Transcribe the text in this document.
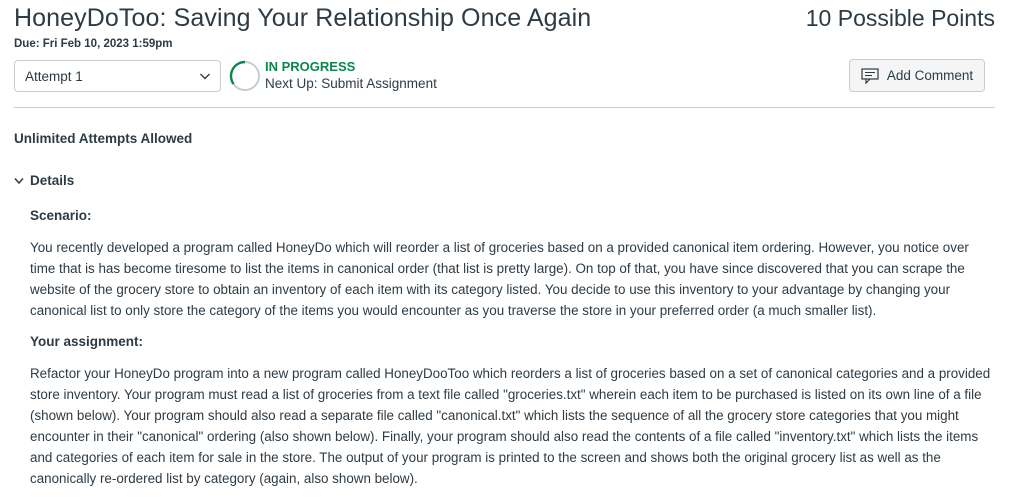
HoneyDoToo: Saving Your Relationship Once Again	10 Possible Points
Due: Fri Feb 10, 2023 1:59pm
Attempt 1
IN PROGRESS
Next Up: Submit Assignment
Add Comment
Unlimited Attempts Allowed
Details
Scenario:
You recently developed a program called HoneyDo which will reorder a list of groceries based on a provided canonical item ordering. However, you notice over time that is has become tiresome to list the items in canonical order (that list is pretty large). On top of that, you have since discovered that you can scrape the website of the grocery store to obtain an inventory of each item with its category listed. You decide to use this inventory to your advantage by changing your canonical list to only store the category of the items you would encounter as you traverse the store in your preferred order (a much smaller list).
Your assignment:
Refactor your HoneyDo program into a new program called HoneyDooToo which reorders a list of groceries based on a set of canonical categories and a provided store inventory. Your program must read a list of groceries from a text file called "groceries.txt" wherein each item to be purchased is listed on its own line of a file (shown below). Your program should also read a separate file called "canonical.txt" which lists the sequence of all the grocery store categories that you might encounter in their "canonical" ordering (also shown below). Finally, your program should also read the contents of a file called "inventory.txt" which lists the items and categories of each item for sale in the store. The output of your program is printed to the screen and shows both the original grocery list as well as the canonically re-ordered list by category (again, also shown below).
